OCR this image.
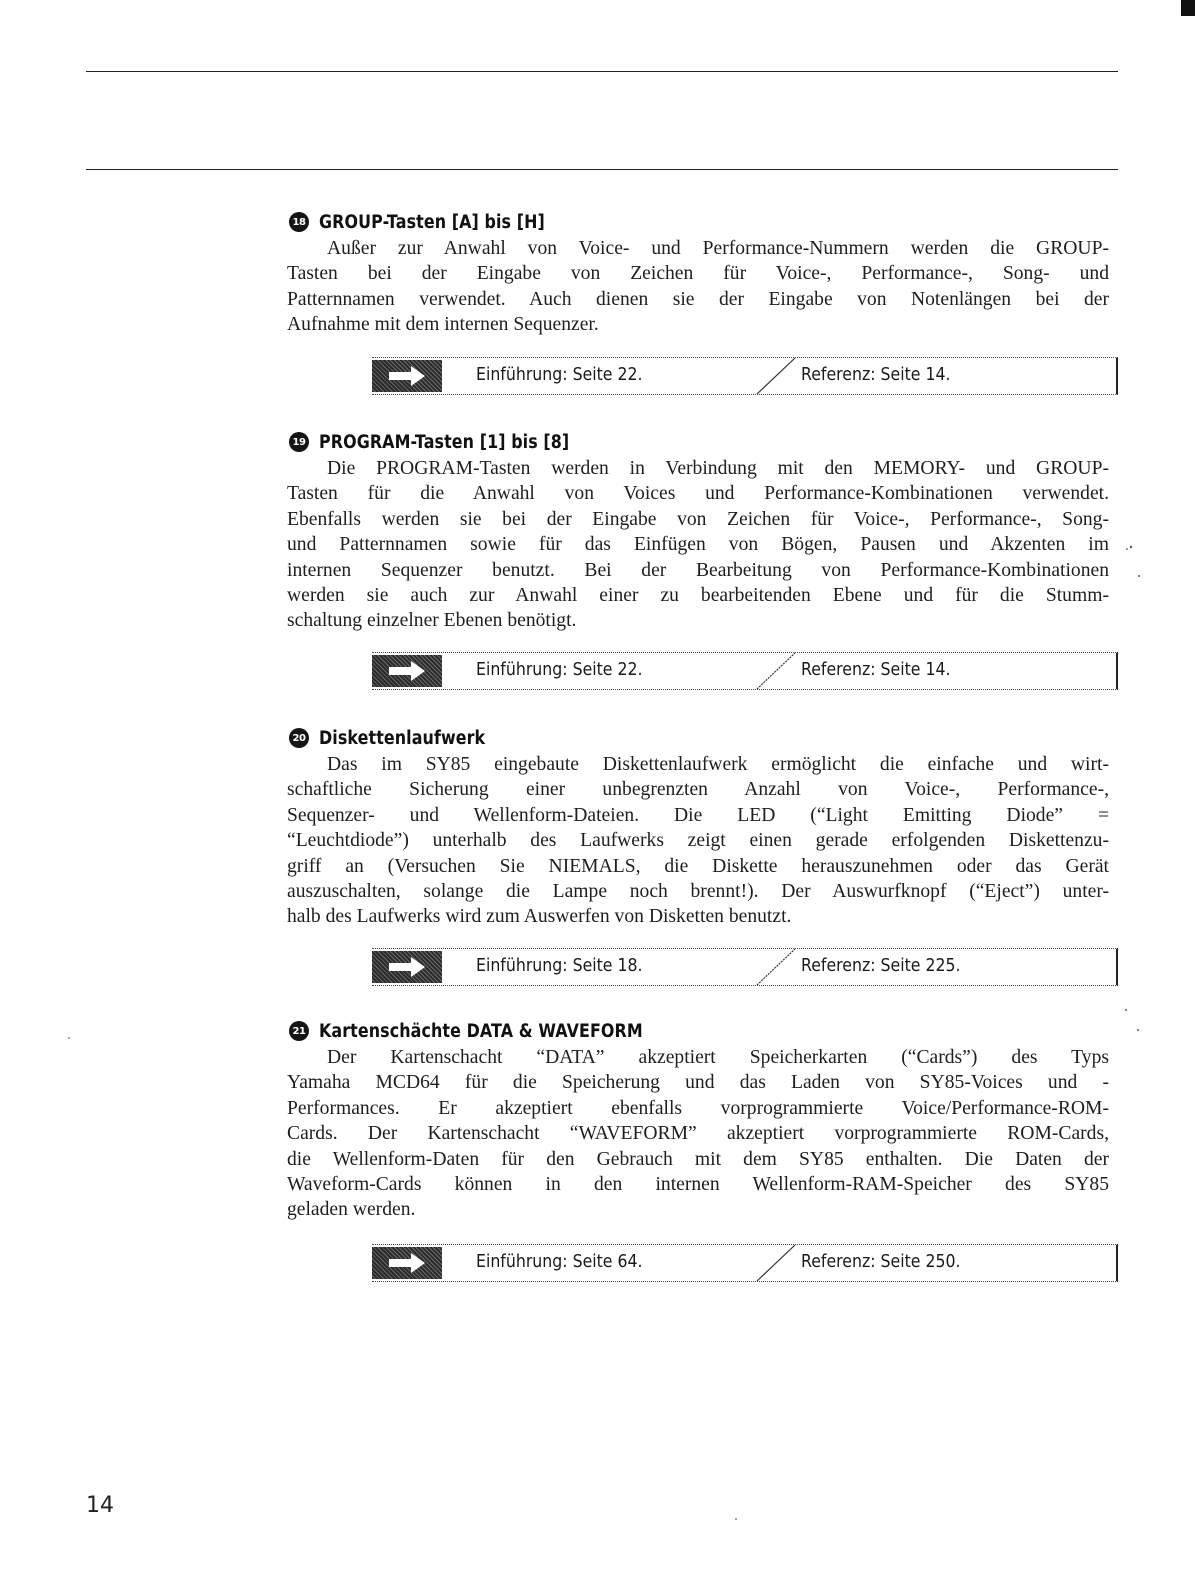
18 GROUP-Tasten [A] bis [H]
Außer zur Anwahl von Voice- und Performance-Nummern werden die GROUP-
Tasten bei der Eingabe von Zeichen für Voice-, Performance-, Song- und
Patternnamen verwendet. Auch dienen sie der Eingabe von Notenlängen bei der
Aufnahme mit dem internen Sequenzer.
Einführung: Seite 22.	Referenz: Seite 14.
19 PROGRAM-Tasten [1] bis [8]
Die PROGRAM-Tasten werden in Verbindung mit den MEMORY- und GROUP-
Tasten für die Anwahl von Voices und Performance-Kombinationen verwendet.
Ebenfalls werden sie bei der Eingabe von Zeichen für Voice-, Performance-, Song-
und Patternnamen sowie für das Einfügen von Bögen, Pausen und Akzenten im
internen Sequenzer benutzt. Bei der Bearbeitung von Performance-Kombinationen
werden sie auch zur Anwahl einer zu bearbeitenden Ebene und für die Stumm-
schaltung einzelner Ebenen benötigt.
Einführung: Seite 22.	Referenz: Seite 14.
20 Diskettenlaufwerk
Das im SY85 eingebaute Diskettenlaufwerk ermöglicht die einfache und wirt-
schaftliche Sicherung einer unbegrenzten Anzahl von Voice-, Performance-,
Sequenzer- und Wellenform-Dateien. Die LED (“Light Emitting Diode” =
“Leuchtdiode”) unterhalb des Laufwerks zeigt einen gerade erfolgenden Diskettenzu-
griff an (Versuchen Sie NIEMALS, die Diskette herauszunehmen oder das Gerät
auszuschalten, solange die Lampe noch brennt!). Der Auswurfknopf (“Eject”) unter-
halb des Laufwerks wird zum Auswerfen von Disketten benutzt.
Einführung: Seite 18.	Referenz: Seite 225.
21 Kartenschächte DATA & WAVEFORM
Der Kartenschacht “DATA” akzeptiert Speicherkarten (“Cards”) des Typs
Yamaha MCD64 für die Speicherung und das Laden von SY85-Voices und -
Performances. Er akzeptiert ebenfalls vorprogrammierte Voice/Performance-ROM-
Cards. Der Kartenschacht “WAVEFORM” akzeptiert vorprogrammierte ROM-Cards,
die Wellenform-Daten für den Gebrauch mit dem SY85 enthalten. Die Daten der
Waveform-Cards können in den internen Wellenform-RAM-Speicher des SY85
geladen werden.
Einführung: Seite 64.	Referenz: Seite 250.
14
